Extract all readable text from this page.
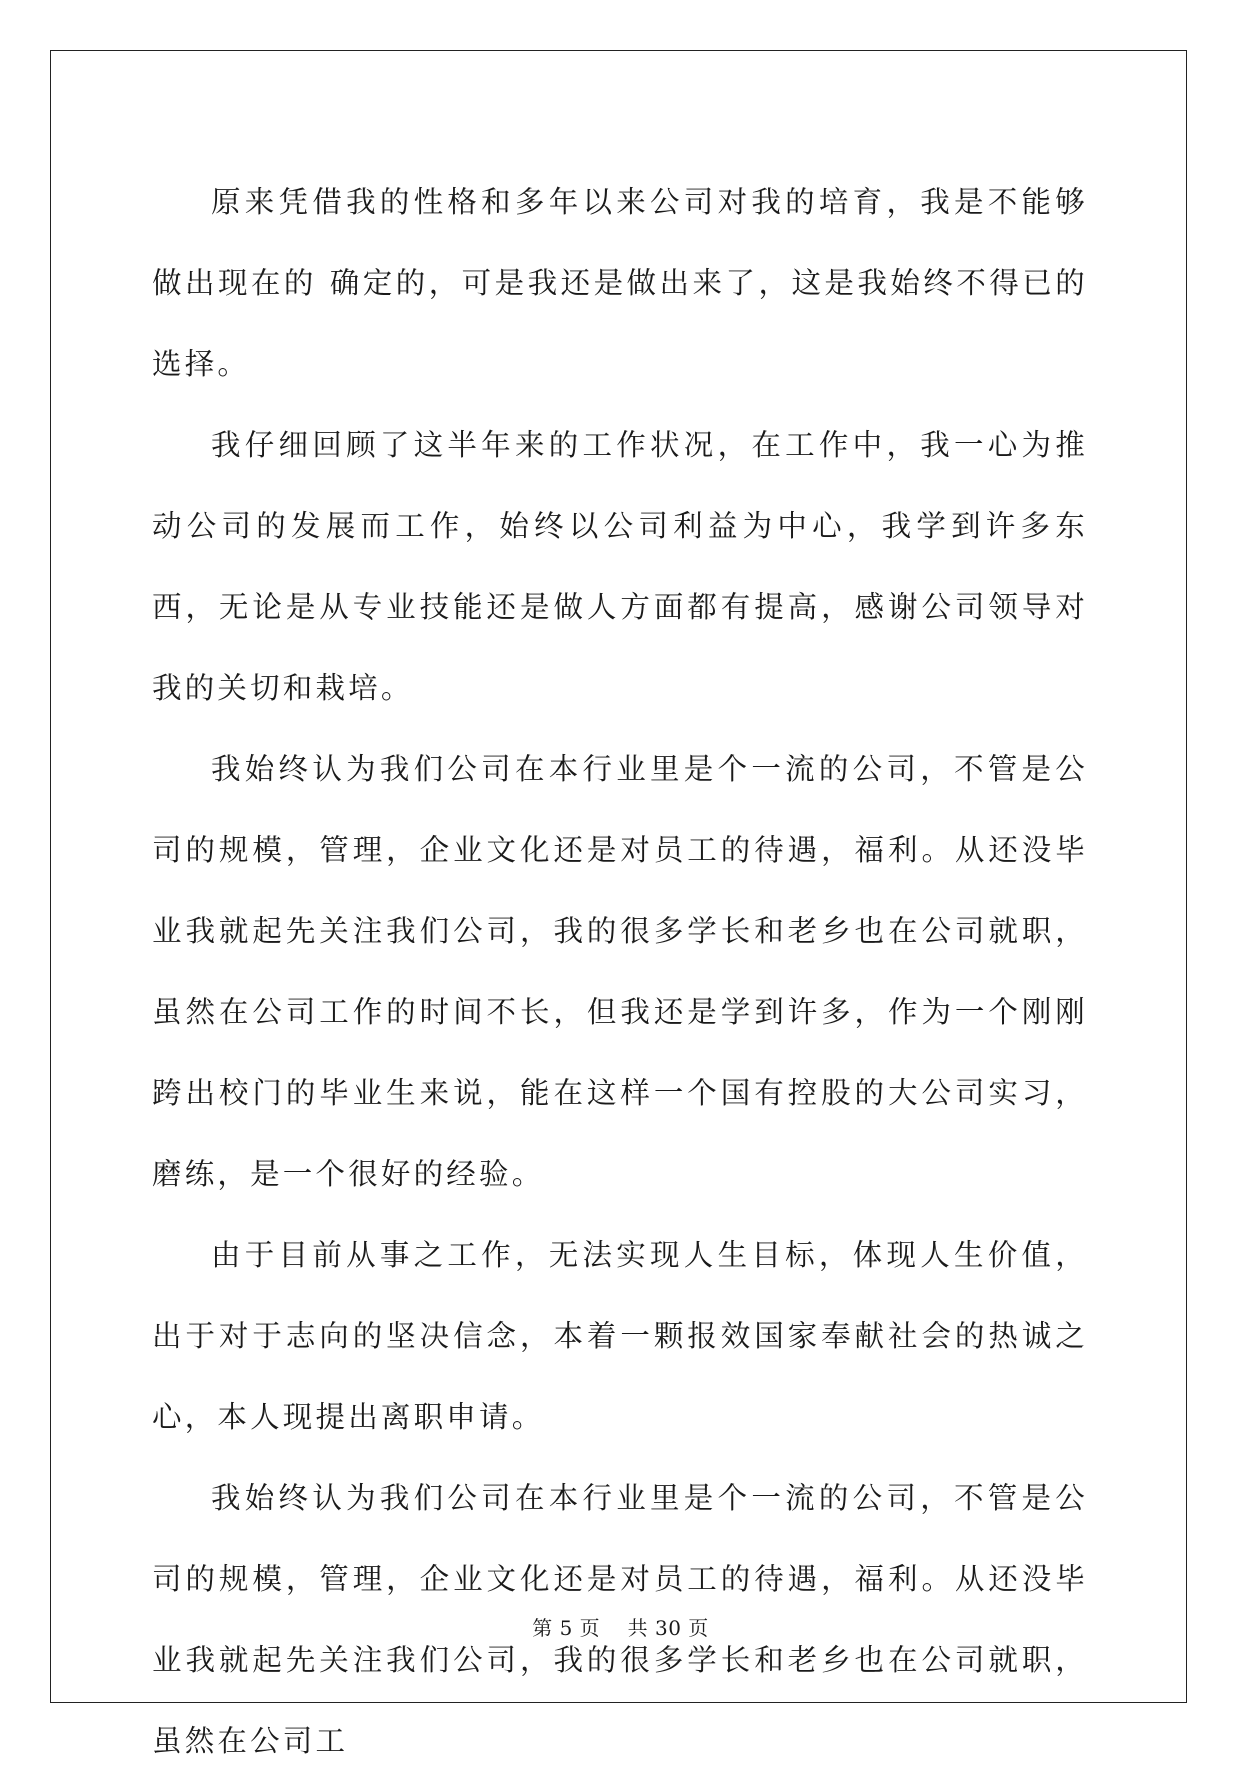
原来凭借我的性格和多年以来公司对我的培育，我是不能够做出现在的 确定的，可是我还是做出来了，这是我始终不得已的选择。

我仔细回顾了这半年来的工作状况，在工作中，我一心为推动公司的发展而工作，始终以公司利益为中心，我学到许多东西，无论是从专业技能还是做人方面都有提高，感谢公司领导对我的关切和栽培。

我始终认为我们公司在本行业里是个一流的公司，不管是公司的规模，管理，企业文化还是对员工的待遇，福利。从还没毕业我就起先关注我们公司，我的很多学长和老乡也在公司就职，虽然在公司工作的时间不长，但我还是学到许多，作为一个刚刚跨出校门的毕业生来说，能在这样一个国有控股的大公司实习，磨练，是一个很好的经验。

由于目前从事之工作，无法实现人生目标，体现人生价值，出于对于志向的坚决信念，本着一颗报效国家奉献社会的热诚之心，本人现提出离职申请。

我始终认为我们公司在本行业里是个一流的公司，不管是公司的规模，管理，企业文化还是对员工的待遇，福利。从还没毕业我就起先关注我们公司，我的很多学长和老乡也在公司就职，虽然在公司工

第 5 页 共 30 页
